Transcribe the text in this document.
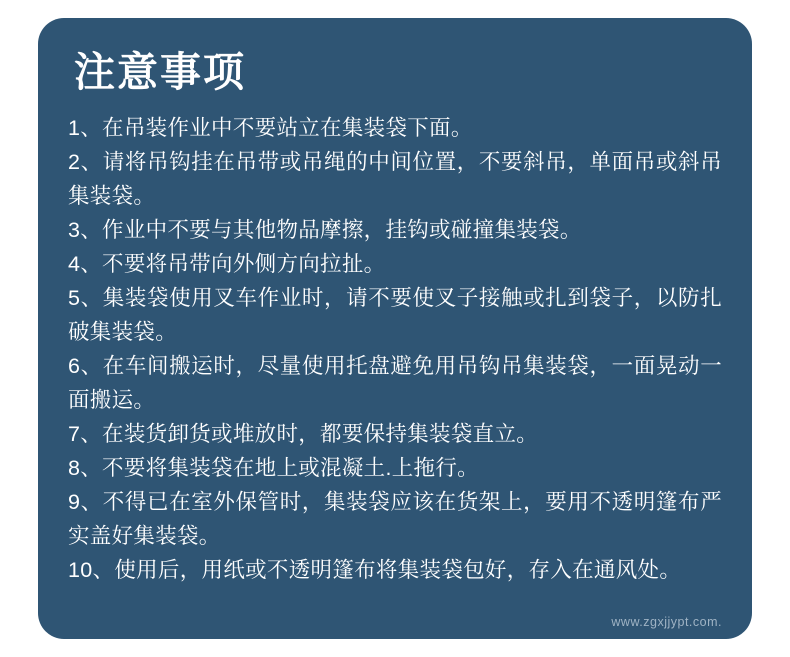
注意事项
1、在吊装作业中不要站立在集装袋下面。
2、请将吊钩挂在吊带或吊绳的中间位置，不要斜吊，单面吊或斜吊集装袋。
3、作业中不要与其他物品摩擦，挂钩或碰撞集装袋。
4、不要将吊带向外侧方向拉扯。
5、集装袋使用叉车作业时，请不要使叉子接触或扎到袋子，以防扎破集装袋。
6、在车间搬运时，尽量使用托盘避免用吊钩吊集装袋，一面晃动一面搬运。
7、在装货卸货或堆放时，都要保持集装袋直立。
8、不要将集装袋在地上或混凝土.上拖行。
9、不得已在室外保管时，集装袋应该在货架上，要用不透明篷布严实盖好集装袋。
10、使用后，用纸或不透明篷布将集装袋包好，存入在通风处。
www.zgxjjypt.com.
